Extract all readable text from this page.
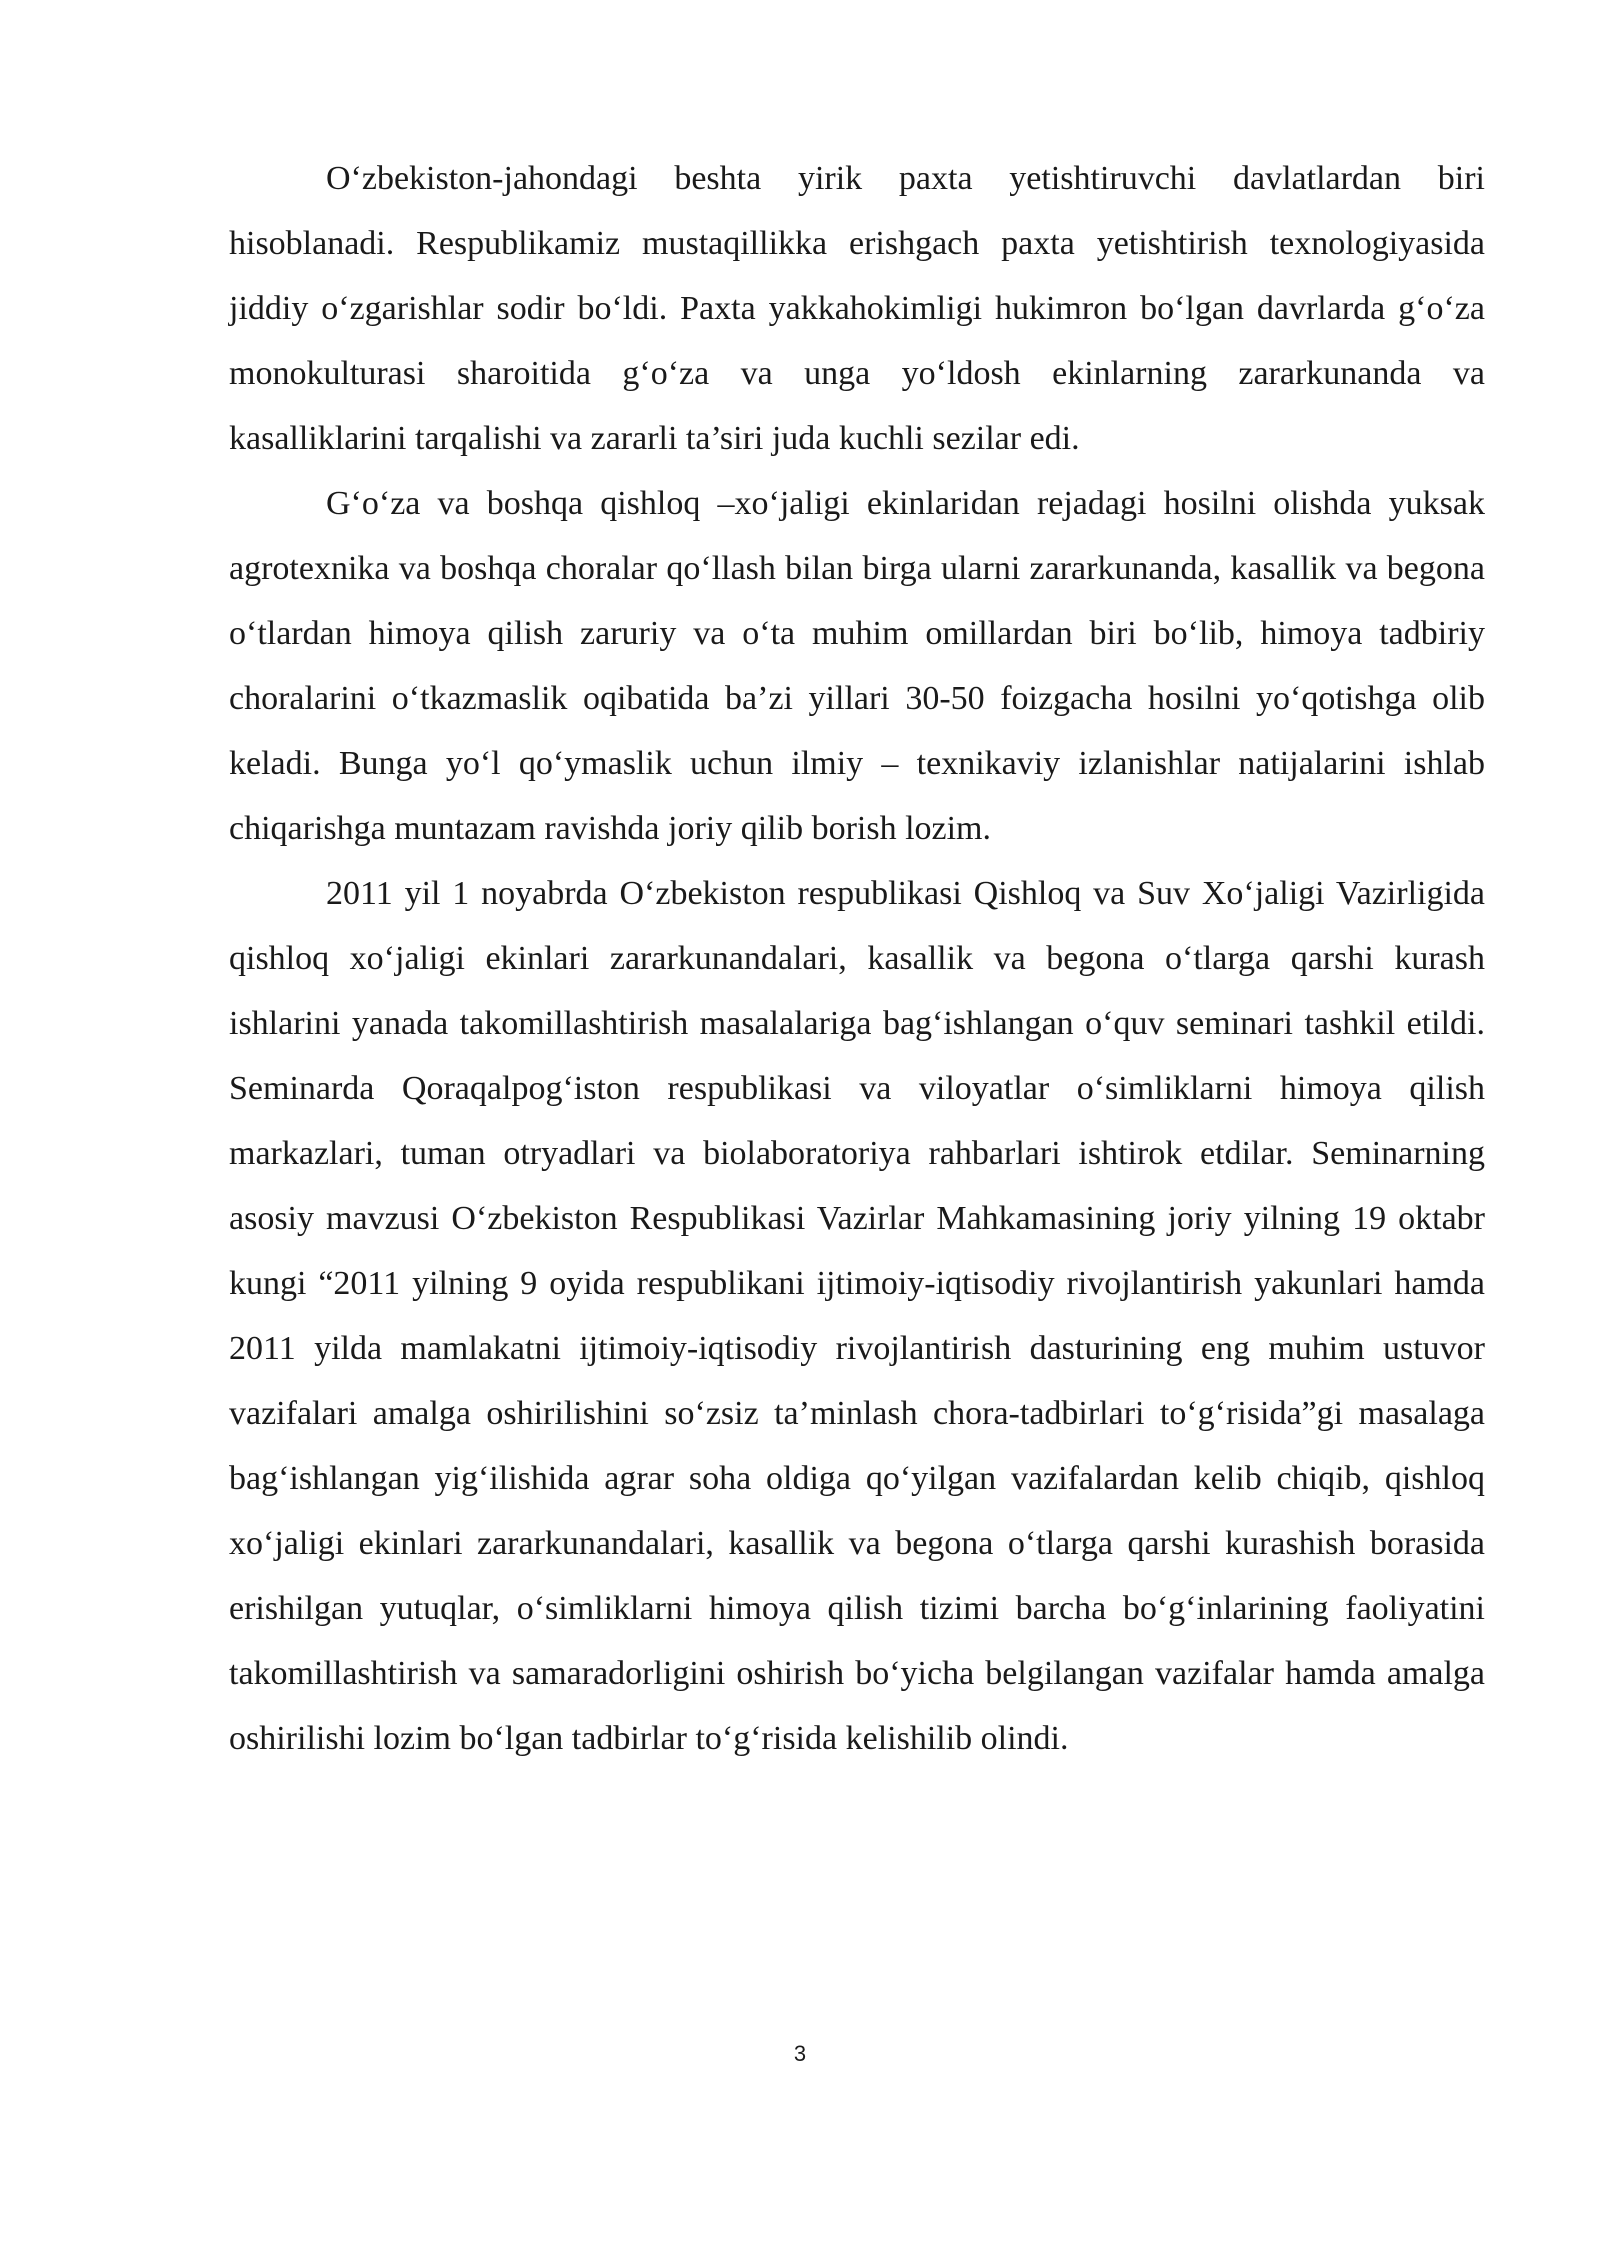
O‘zbekiston-jahondagi beshta yirik paxta yetishtiruvchi davlatlardan biri hisoblanadi. Respublikamiz mustaqillikka erishgach paxta yetishtirish texnologiyasida jiddiy o‘zgarishlar sodir bo‘ldi. Paxta yakkahokimligi hukimron bo‘lgan davrlarda g‘o‘za monokulturasi sharoitida g‘o‘za va unga yo‘ldosh ekinlarning zararkunanda va kasalliklarini tarqalishi va zararli ta’siri juda kuchli sezilar edi.

G‘o‘za va boshqa qishloq –xo‘jaligi ekinlaridan rejadagi hosilni olishda yuksak agrotexnika va boshqa choralar qo‘llash bilan birga ularni zararkunanda, kasallik va begona o‘tlardan himoya qilish zaruriy va o‘ta muhim omillardan biri bo‘lib, himoya tadbiriy choralarini o‘tkazmaslik oqibatida ba’zi yillari 30-50 foizgacha hosilni yo‘qotishga olib keladi. Bunga yo‘l qo‘ymaslik uchun ilmiy – texnikaviy izlanishlar natijalarini ishlab chiqarishga muntazam ravishda joriy qilib borish lozim.

2011 yil 1 noyabrda O‘zbekiston respublikasi Qishloq va Suv Xo‘jaligi Vazirligida qishloq xo‘jaligi ekinlari zararkunandalari, kasallik va begona o‘tlarga qarshi kurash ishlarini yanada takomillashtirish masalalariga bag‘ishlangan o‘quv seminari tashkil etildi. Seminarda Qoraqalpog‘iston respublikasi va viloyatlar o‘simliklarni himoya qilish markazlari, tuman otryadlari va biolaboratoriya rahbarlari ishtirok etdilar. Seminarning asosiy mavzusi O‘zbekiston Respublikasi Vazirlar Mahkamasining joriy yilning 19 oktabr kungi “2011 yilning 9 oyida respublikani ijtimoiy-iqtisodiy rivojlantirish yakunlari hamda 2011 yilda mamlakatni ijtimoiy-iqtisodiy rivojlantirish dasturining eng muhim ustuvor vazifalari amalga oshirilishini so‘zsiz ta’minlash chora-tadbirlari to‘g‘risida”gi masalaga bag‘ishlangan yig‘ilishida agrar soha oldiga qo‘yilgan vazifalardan kelib chiqib, qishloq xo‘jaligi ekinlari zararkunandalari, kasallik va begona o‘tlarga qarshi kurashish borasida erishilgan yutuqlar, o‘simliklarni himoya qilish tizimi barcha bo‘g‘inlarining faoliyatini takomillashtirish va samaradorligini oshirish bo‘yicha belgilangan vazifalar hamda amalga oshirilishi lozim bo‘lgan tadbirlar to‘g‘risida kelishilib olindi.

3
